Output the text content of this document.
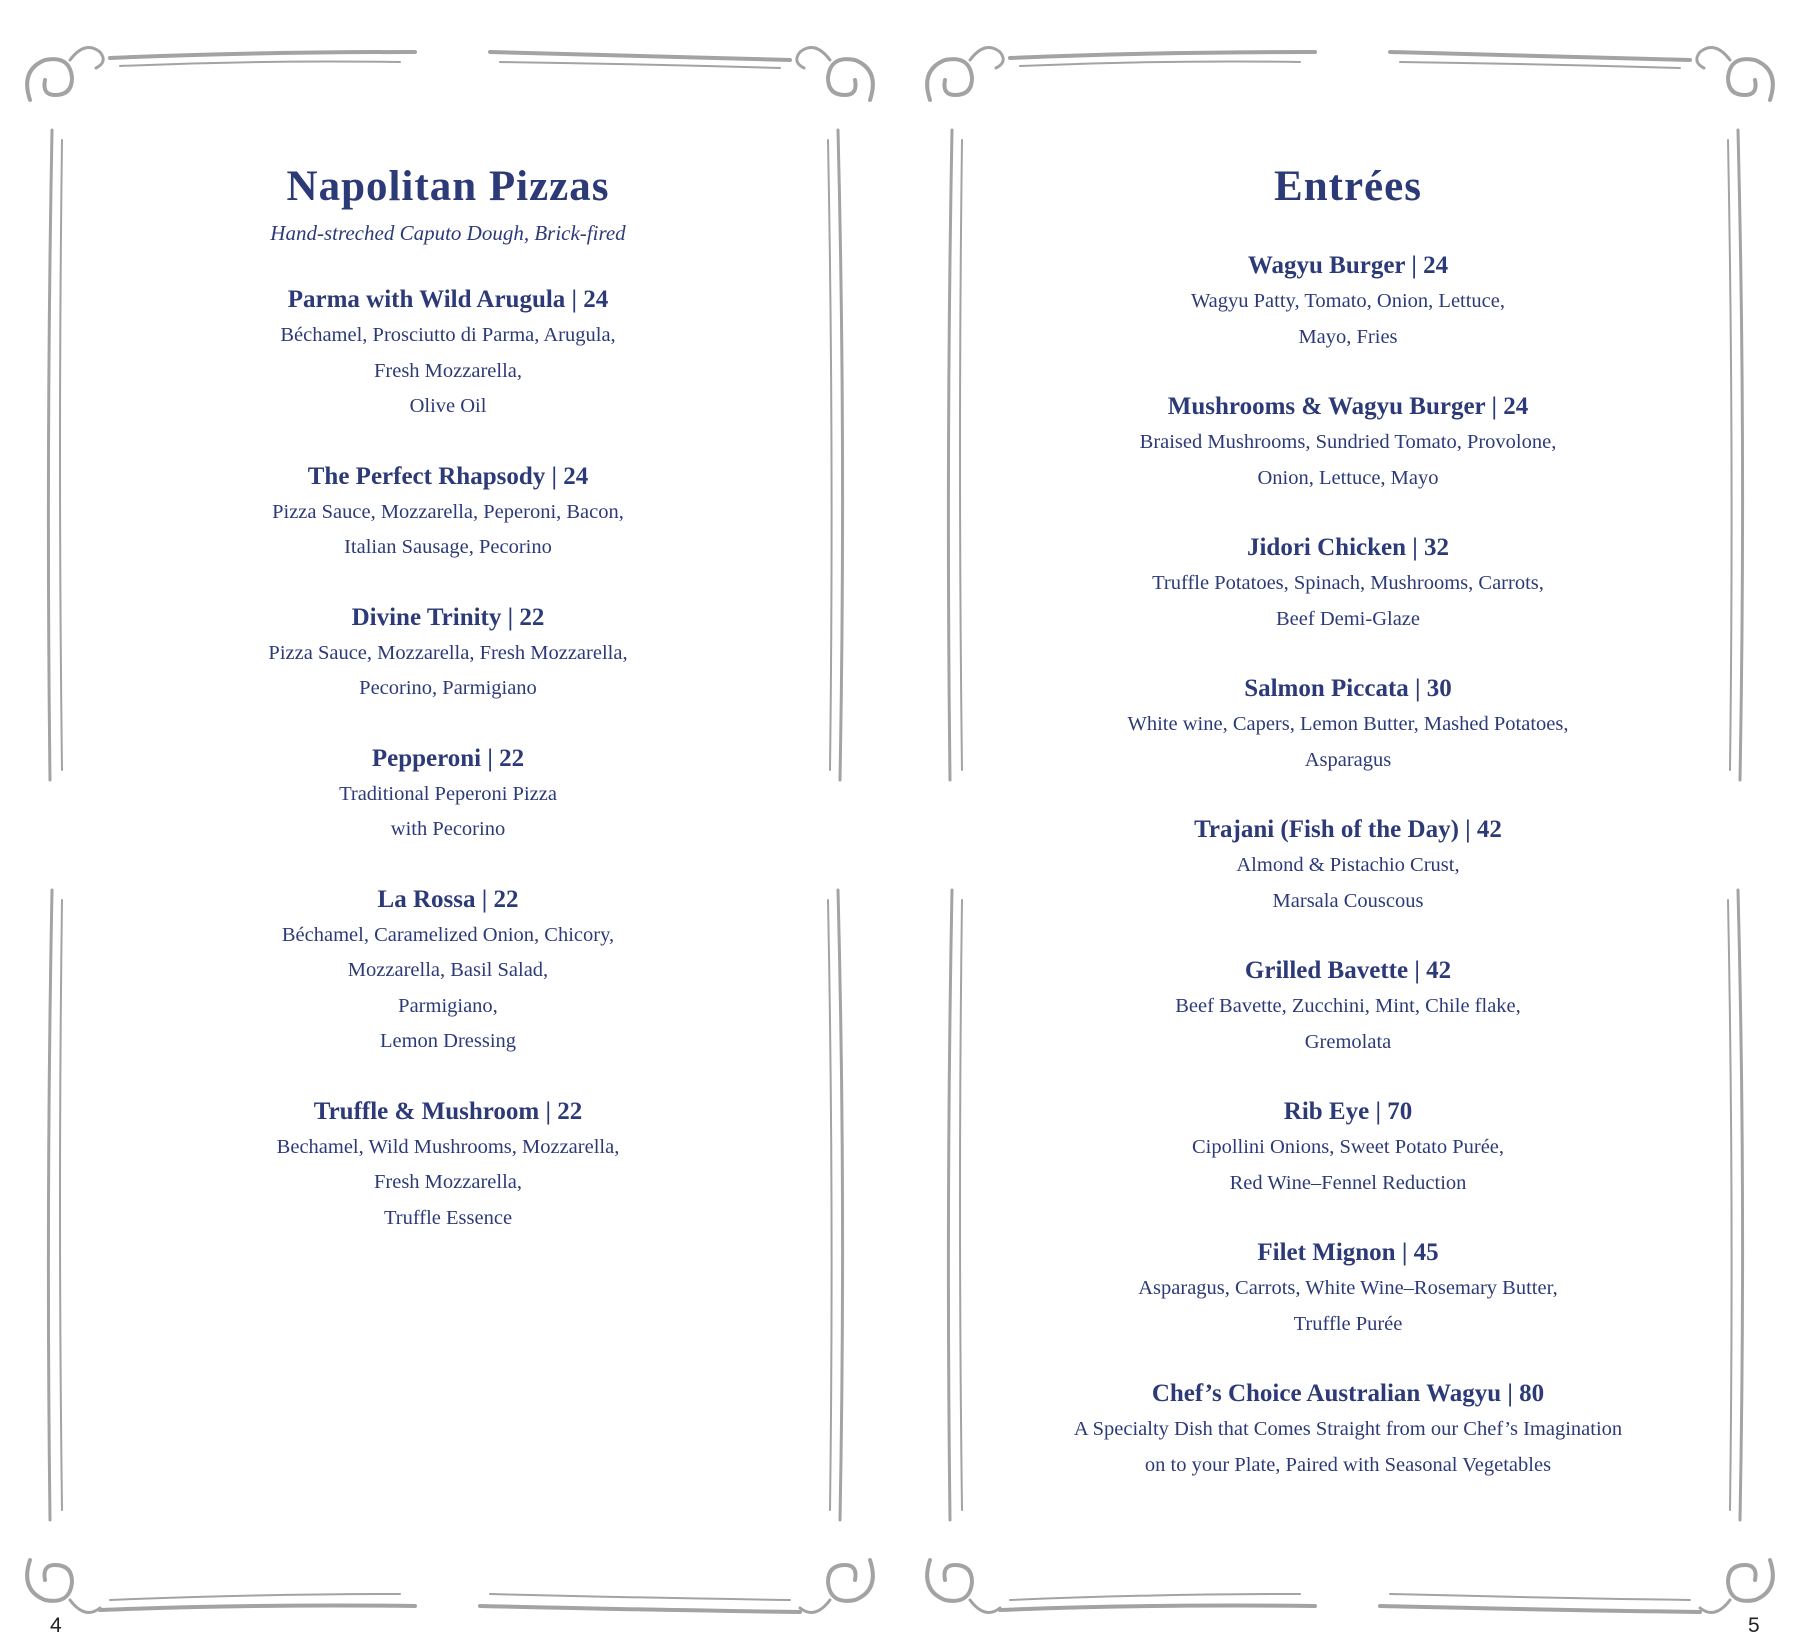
Napolitan Pizzas
Hand-streched Caputo Dough, Brick-fired
Parma with Wild Arugula | 24
Béchamel, Prosciutto di Parma, Arugula,
Fresh Mozzarella,
Olive Oil
The Perfect Rhapsody | 24
Pizza Sauce, Mozzarella, Peperoni, Bacon,
Italian Sausage, Pecorino
Divine Trinity | 22
Pizza Sauce, Mozzarella, Fresh Mozzarella,
Pecorino, Parmigiano
Pepperoni | 22
Traditional Peperoni Pizza
with Pecorino
La Rossa | 22
Béchamel, Caramelized Onion, Chicory,
Mozzarella, Basil Salad,
Parmigiano,
Lemon Dressing
Truffle & Mushroom | 22
Bechamel, Wild Mushrooms, Mozzarella,
Fresh Mozzarella,
Truffle Essence
4
Entrées
Wagyu Burger | 24
Wagyu Patty, Tomato, Onion, Lettuce,
Mayo, Fries
Mushrooms & Wagyu Burger | 24
Braised Mushrooms, Sundried Tomato, Provolone,
Onion, Lettuce, Mayo
Jidori Chicken | 32
Truffle Potatoes, Spinach, Mushrooms, Carrots,
Beef Demi-Glaze
Salmon Piccata | 30
White wine, Capers, Lemon Butter, Mashed Potatoes,
Asparagus
Trajani (Fish of the Day) | 42
Almond & Pistachio Crust,
Marsala Couscous
Grilled Bavette | 42
Beef Bavette, Zucchini, Mint, Chile flake,
Gremolata
Rib Eye | 70
Cipollini Onions, Sweet Potato Purée,
Red Wine–Fennel Reduction
Filet Mignon | 45
Asparagus, Carrots, White Wine–Rosemary Butter,
Truffle Purée
Chef’s Choice Australian Wagyu | 80
A Specialty Dish that Comes Straight from our Chef’s Imagination
on to your Plate, Paired with Seasonal Vegetables
5
